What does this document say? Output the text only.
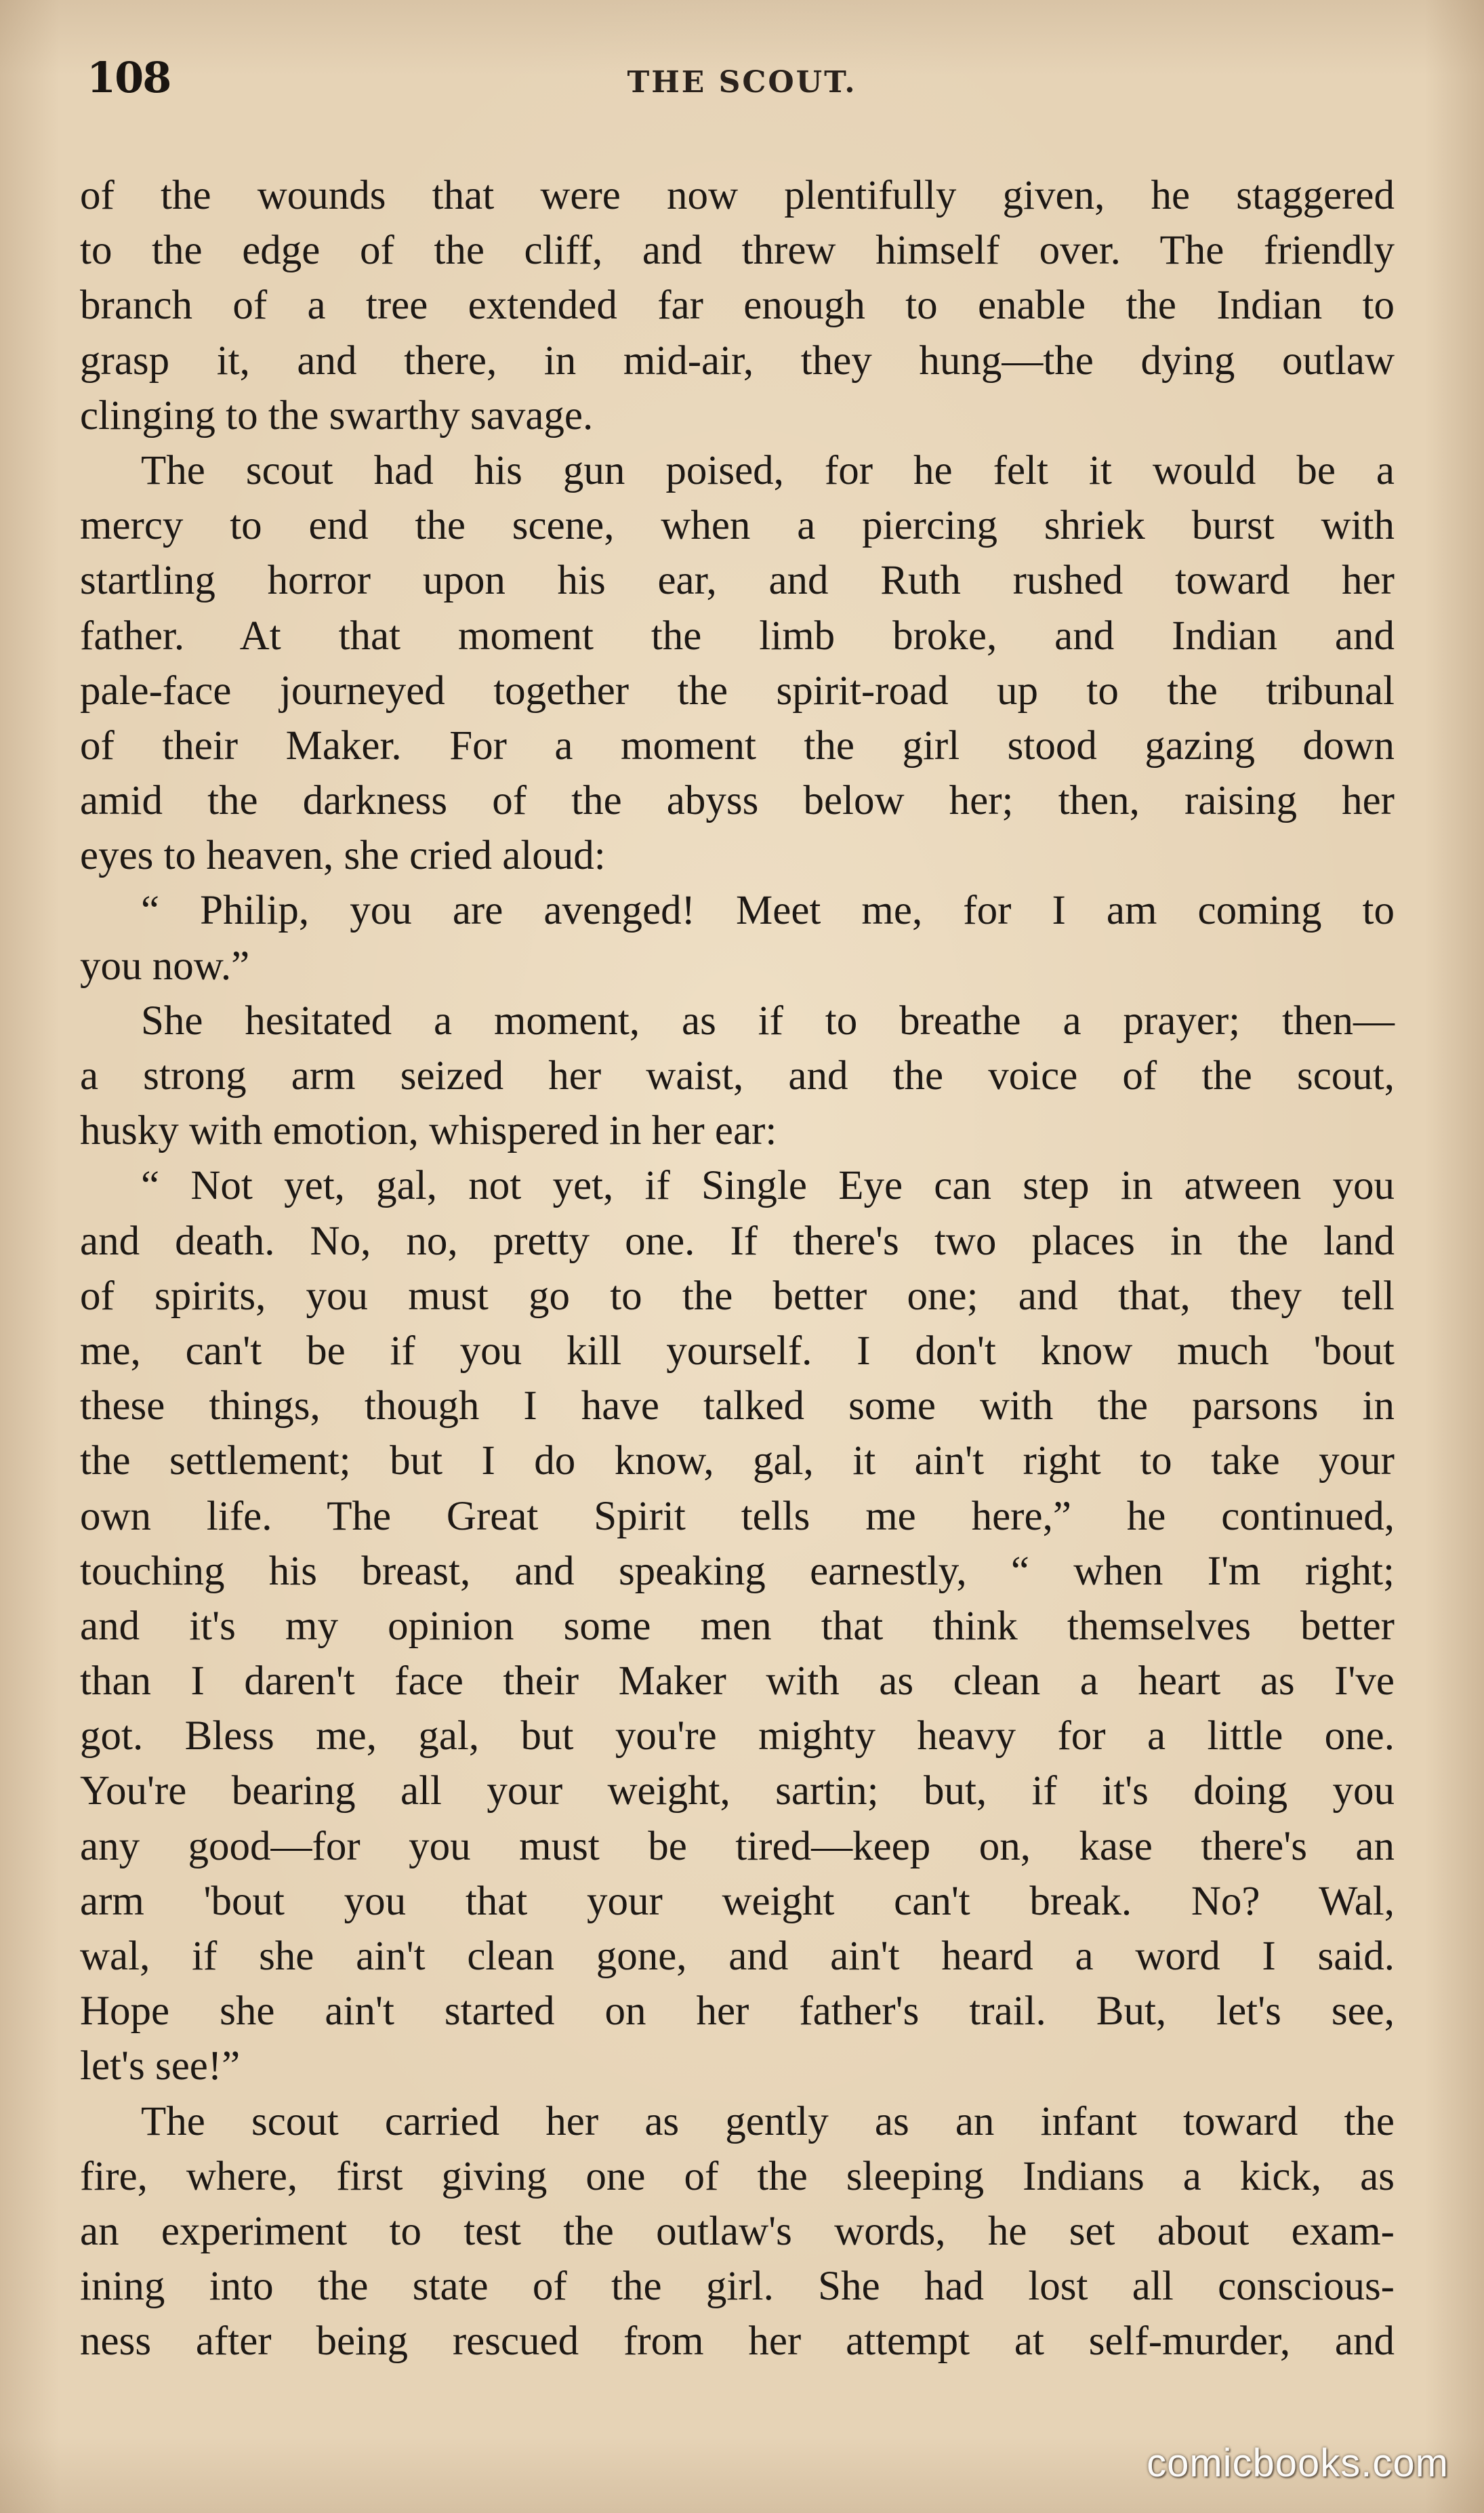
108	THE SCOUT.
of the wounds that were now plentifully given, he staggered
to the edge of the cliff, and threw himself over. The friendly
branch of a tree extended far enough to enable the Indian to
grasp it, and there, in mid-air, they hung—the dying outlaw
clinging to the swarthy savage.
The scout had his gun poised, for he felt it would be a
mercy to end the scene, when a piercing shriek burst with
startling horror upon his ear, and Ruth rushed toward her
father. At that moment the limb broke, and Indian and
pale-face journeyed together the spirit-road up to the tribunal
of their Maker. For a moment the girl stood gazing down
amid the darkness of the abyss below her; then, raising her
eyes to heaven, she cried aloud:
“ Philip, you are avenged! Meet me, for I am coming to
you now.”
She hesitated a moment, as if to breathe a prayer; then—
a strong arm seized her waist, and the voice of the scout,
husky with emotion, whispered in her ear:
“ Not yet, gal, not yet, if Single Eye can step in atween you
and death. No, no, pretty one. If there's two places in the land
of spirits, you must go to the better one; and that, they tell
me, can't be if you kill yourself. I don't know much 'bout
these things, though I have talked some with the parsons in
the settlement; but I do know, gal, it ain't right to take your
own life. The Great Spirit tells me here,” he continued,
touching his breast, and speaking earnestly, “ when I'm right;
and it's my opinion some men that think themselves better
than I daren't face their Maker with as clean a heart as I've
got. Bless me, gal, but you're mighty heavy for a little one.
You're bearing all your weight, sartin; but, if it's doing you
any good—for you must be tired—keep on, kase there's an
arm 'bout you that your weight can't break. No? Wal,
wal, if she ain't clean gone, and ain't heard a word I said.
Hope she ain't started on her father's trail. But, let's see,
let's see!”
The scout carried her as gently as an infant toward the
fire, where, first giving one of the sleeping Indians a kick, as
an experiment to test the outlaw's words, he set about exam-
ining into the state of the girl. She had lost all conscious-
ness after being rescued from her attempt at self-murder, and
comicbooks.com
